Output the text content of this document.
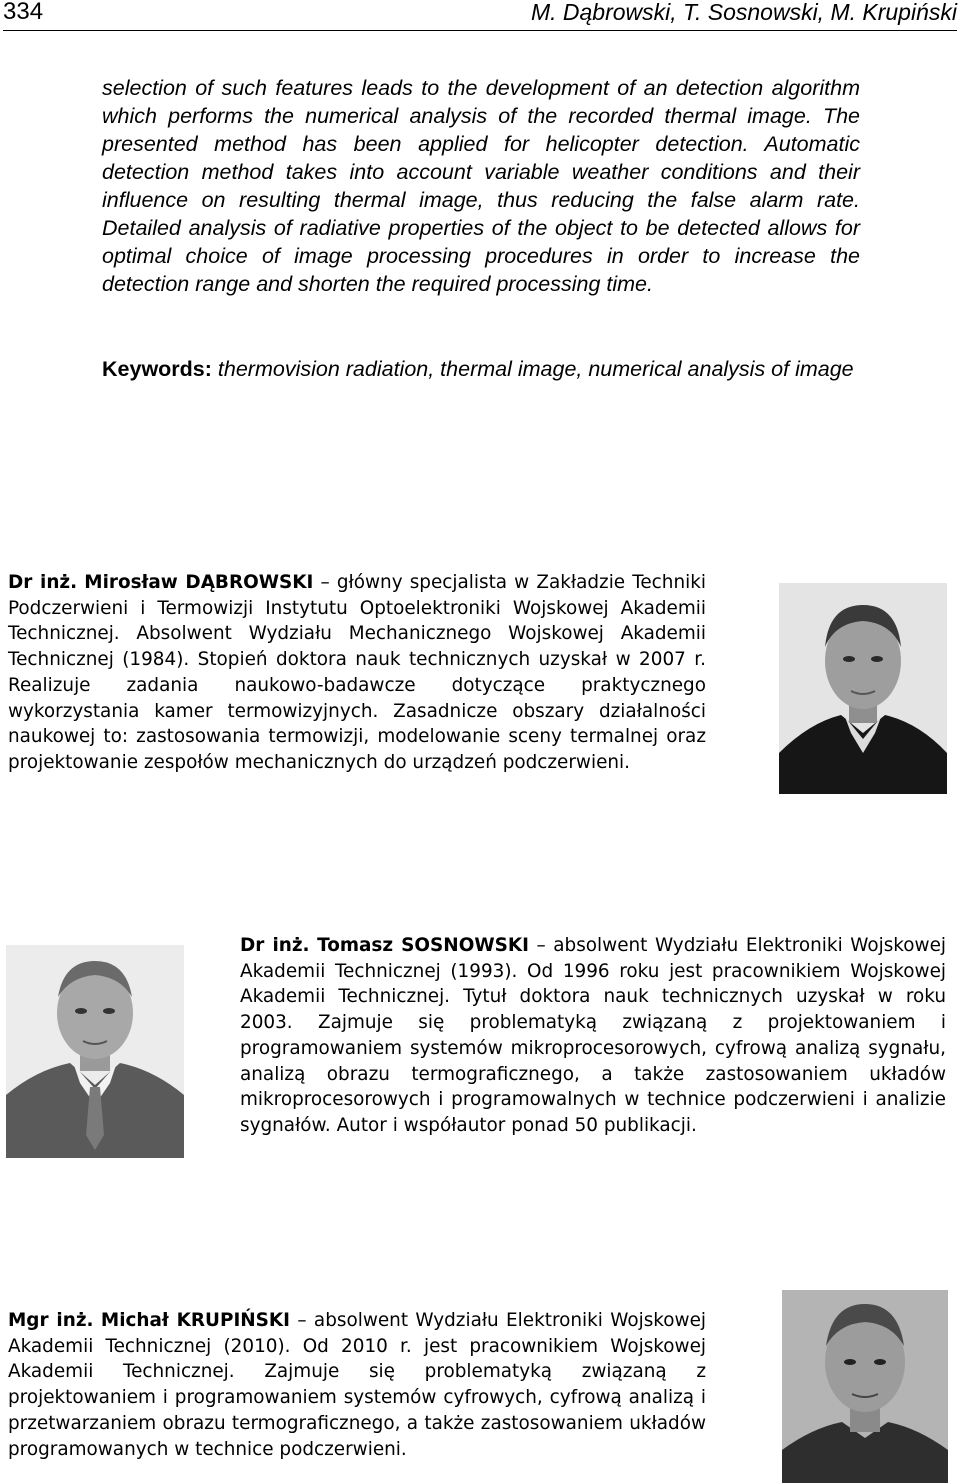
334	M. Dąbrowski, T. Sosnowski, M. Krupiński
selection of such features leads to the development of an detection algorithm which performs the numerical analysis of the recorded thermal image. The presented method has been applied for helicopter detection. Automatic detection method takes into account variable weather conditions and their influence on resulting thermal image, thus reducing the false alarm rate. Detailed analysis of radiative properties of the object to be detected allows for optimal choice of image processing procedures in order to increase the detection range and shorten the required processing time.
Keywords: thermovision radiation, thermal image, numerical analysis of image
Dr inż. Mirosław DĄBROWSKI – główny specjalista w Zakładzie Techniki Podczerwieni i Termowizji Instytutu Optoelektroniki Wojskowej Akademii Technicznej. Absolwent Wydziału Mechanicznego Wojskowej Akademii Technicznej (1984). Stopień doktora nauk technicznych uzyskał w 2007 r. Realizuje zadania naukowo-badawcze dotyczące praktycznego wykorzystania kamer termowizyjnych. Zasadnicze obszary działalności naukowej to: zastosowania termowizji, modelowanie sceny termalnej oraz projektowanie zespołów mechanicznych do urządzeń podczerwieni.
Dr inż. Tomasz SOSNOWSKI – absolwent Wydziału Elektroniki Wojskowej Akademii Technicznej (1993). Od 1996 roku jest pracownikiem Wojskowej Akademii Technicznej. Tytuł doktora nauk technicznych uzyskał w roku 2003. Zajmuje się problematyką związaną z projektowaniem i programowaniem systemów mikroprocesorowych, cyfrową analizą sygnału, analizą obrazu termograficznego, a także zastosowaniem układów mikroprocesorowych i programowalnych w technice podczerwieni i analizie sygnałów. Autor i współautor ponad 50 publikacji.
Mgr inż. Michał KRUPIŃSKI – absolwent Wydziału Elektroniki Wojskowej Akademii Technicznej (2010). Od 2010 r. jest pracownikiem Wojskowej Akademii Technicznej. Zajmuje się problematyką związaną z projektowaniem i programowaniem systemów cyfrowych, cyfrową analizą i przetwarzaniem obrazu termograficznego, a także zastosowaniem układów programowanych w technice podczerwieni.
